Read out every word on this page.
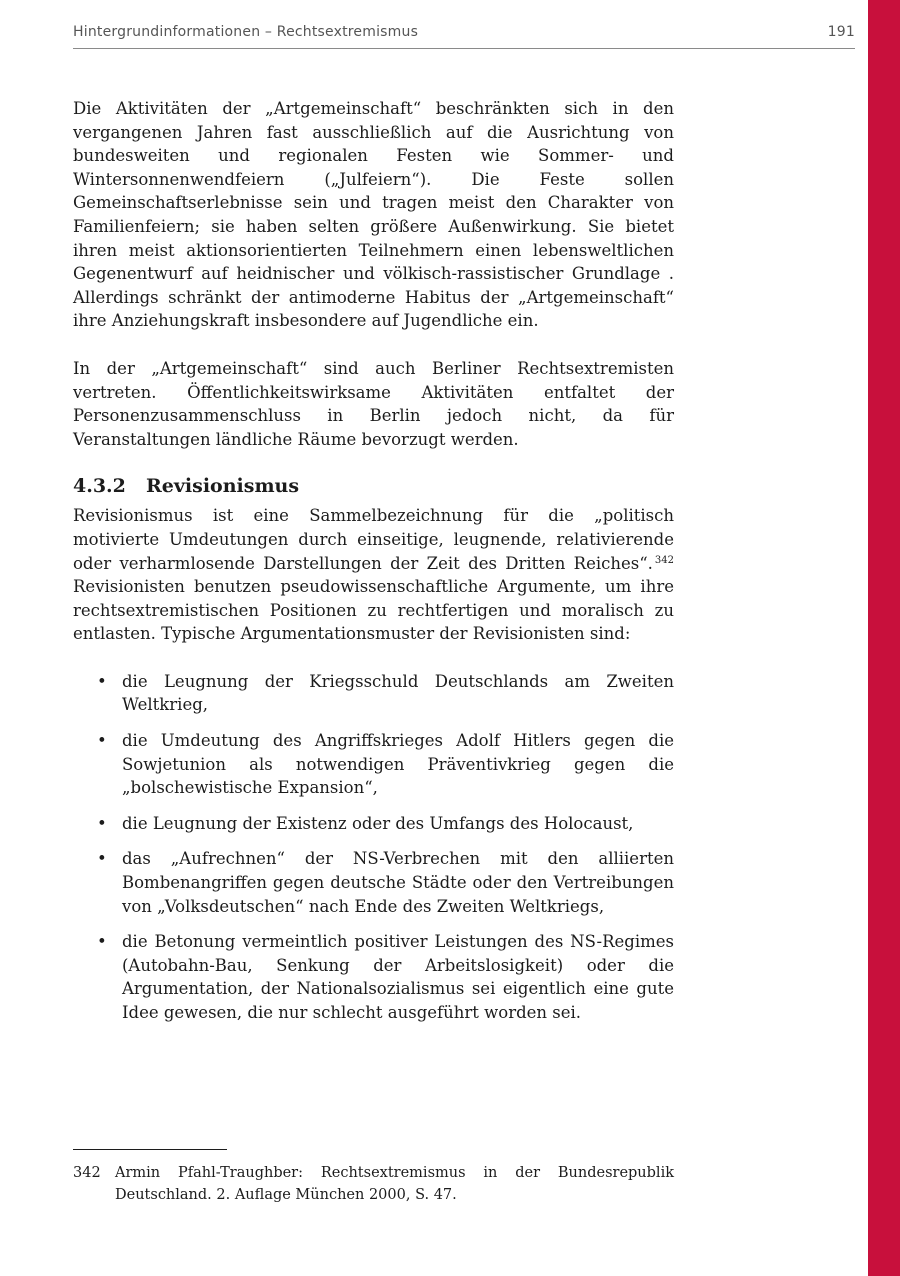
Hintergrundinformationen – Rechtsextremismus	191

Die Aktivitäten der „Artgemeinschaft“ beschränkten sich in den vergangenen Jahren fast ausschließlich auf die Ausrichtung von bundesweiten und regionalen Festen wie Sommer- und Wintersonnenwendfeiern („Julfeiern“). Die Feste sollen Gemeinschaftserlebnisse sein und tragen meist den Charakter von Familienfeiern; sie haben selten größere Außenwirkung. Sie bietet ihren meist aktionsorientierten Teilnehmern einen lebensweltlichen Gegenentwurf auf heidnischer und völkisch-rassistischer Grundlage . Allerdings schränkt der antimoderne Habitus der „Artgemeinschaft“ ihre Anziehungskraft insbesondere auf Jugendliche ein.

In der „Artgemeinschaft“ sind auch Berliner Rechtsextremisten vertreten. Öffentlichkeitswirksame Aktivitäten entfaltet der Personenzusammenschluss in Berlin jedoch nicht, da für Veranstaltungen ländliche Räume bevorzugt werden.

4.3.2 Revisionismus

Revisionismus ist eine Sammelbezeichnung für die „politisch motivierte Umdeutungen durch einseitige, leugnende, relativierende oder verharmlosende Darstellungen der Zeit des Dritten Reiches“. $^{342}$ Revisionisten benutzen pseudowissenschaftliche Argumente, um ihre rechtsextremistischen Positionen zu rechtfertigen und moralisch zu entlasten. Typische Argumentationsmuster der Revisionisten sind:

• die Leugnung der Kriegsschuld Deutschlands am Zweiten Weltkrieg,
• die Umdeutung des Angriffskrieges Adolf Hitlers gegen die Sowjetunion als notwendigen Präventivkrieg gegen die „bolschewistische Expansion“,
• die Leugnung der Existenz oder des Umfangs des Holocaust,
• das „Aufrechnen“ der NS-Verbrechen mit den alliierten Bombenangriffen gegen deutsche Städte oder den Vertreibungen von „Volksdeutschen“ nach Ende des Zweiten Weltkriegs,
• die Betonung vermeintlich positiver Leistungen des NS-Regimes (Autobahn-Bau, Senkung der Arbeitslosigkeit) oder die Argumentation, der Nationalsozialismus sei eigentlich eine gute Idee gewesen, die nur schlecht ausgeführt worden sei.
342 Armin Pfahl-Traughber: Rechtsextremismus in der Bundesrepublik Deutschland. 2. Auflage München 2000, S. 47.
